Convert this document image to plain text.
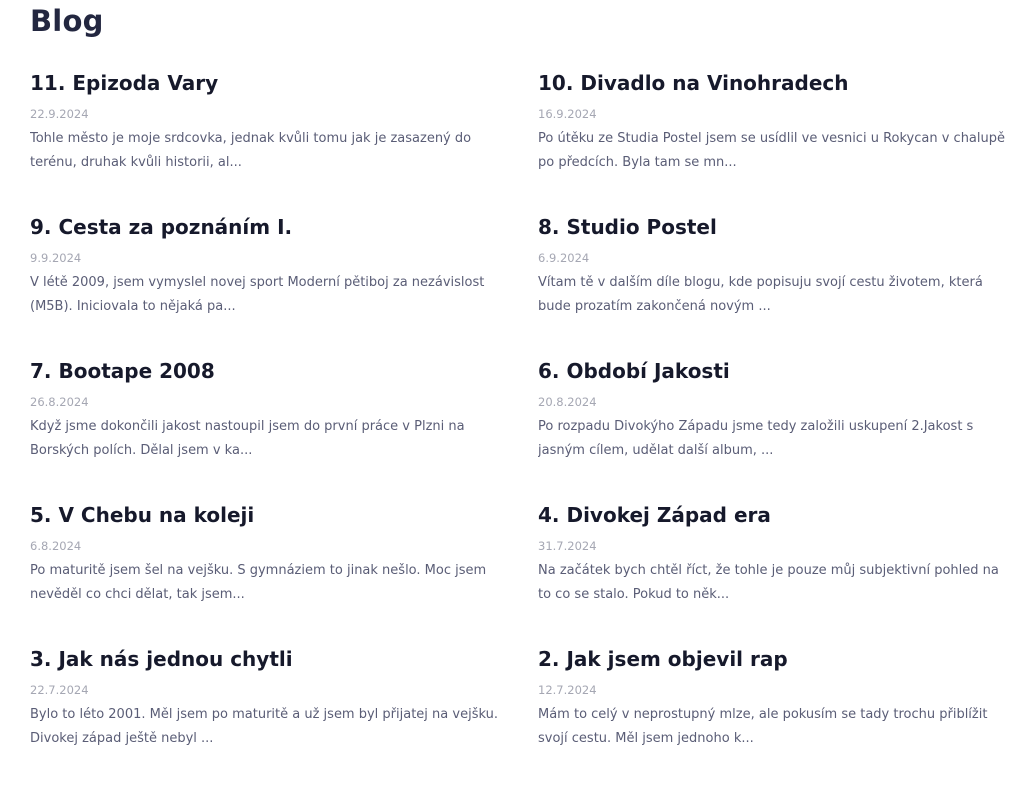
Blog
11. Epizoda Vary
22.9.2024

Tohle město je moje srdcovka, jednak kvůli tomu jak je zasazený do terénu, druhak kvůli historii, al...

10. Divadlo na Vinohradech
16.9.2024

Po útěku ze Studia Postel jsem se usídlil ve vesnici u Rokycan v chalupě po předcích. Byla tam se mn...

9. Cesta za poznáním I.
9.9.2024

V létě 2009, jsem vymyslel novej sport Moderní pětiboj za nezávislost (M5B). Iniciovala to nějaká pa...

8. Studio Postel
6.9.2024

Vítam tě v dalším díle blogu, kde popisuju svojí cestu životem, která bude prozatím zakončená novým ...

7. Bootape 2008
26.8.2024

Když jsme dokončili jakost nastoupil jsem do první práce v Plzni na Borských polích. Dělal jsem v ka...

6. Období Jakosti
20.8.2024

Po rozpadu Divokýho Západu jsme tedy založili uskupení 2.Jakost s jasným cílem, udělat další album, ...

5. V Chebu na koleji
6.8.2024

Po maturitě jsem šel na vejšku. S gymnáziem to jinak nešlo. Moc jsem nevěděl co chci dělat, tak jsem...

4. Divokej Západ era
31.7.2024

Na začátek bych chtěl říct, že tohle je pouze můj subjektivní pohled na to co se stalo. Pokud to něk...

3. Jak nás jednou chytli
22.7.2024

Bylo to léto 2001. Měl jsem po maturitě a už jsem byl přijatej na vejšku. Divokej západ ještě nebyl ...

2. Jak jsem objevil rap
12.7.2024

Mám to celý v neprostupný mlze, ale pokusím se tady trochu přiblížit svojí cestu. Měl jsem jednoho k...
